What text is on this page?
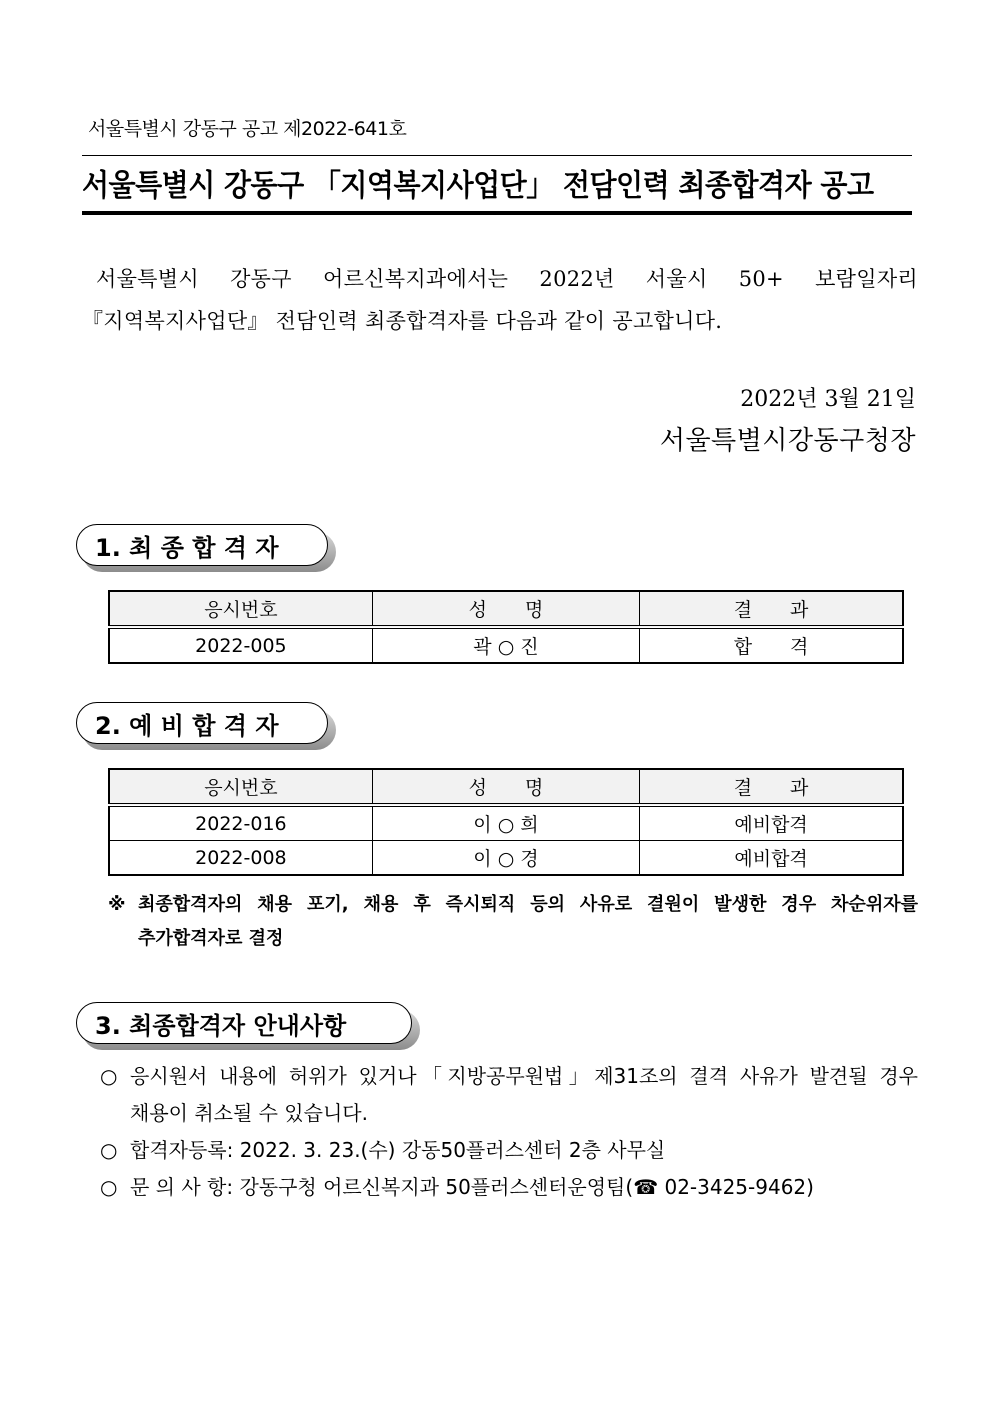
서울특별시 강동구 공고 제2022-641호
서울특별시 강동구 「지역복지사업단」 전담인력 최종합격자 공고
서울특별시 강동구 어르신복지과에서는 2022년 서울시 50+ 보람일자리
『지역복지사업단』 전담인력 최종합격자를 다음과 같이 공고합니다.
2022년 3월 21일
서울특별시강동구청장
1. 최 종 합 격 자
응시번호	성　　명	결　　과
2022-005	곽 ○ 진	합　　격
2. 예 비 합 격 자
응시번호	성　　명	결　　과
2022-016	이 ○ 희	예비합격
2022-008	이 ○ 경	예비합격
※ 최종합격자의 채용 포기, 채용 후 즉시퇴직 등의 사유로 결원이 발생한 경우 차순위자를
추가합격자로 결정
3. 최종합격자 안내사항
○ 응시원서 내용에 허위가 있거나「지방공무원법」제31조의 결격 사유가 발견될 경우
채용이 취소될 수 있습니다.
○ 합격자등록: 2022. 3. 23.(수) 강동50플러스센터 2층 사무실
○ 문 의 사 항: 강동구청 어르신복지과 50플러스센터운영팀(☎ 02-3425-9462)
